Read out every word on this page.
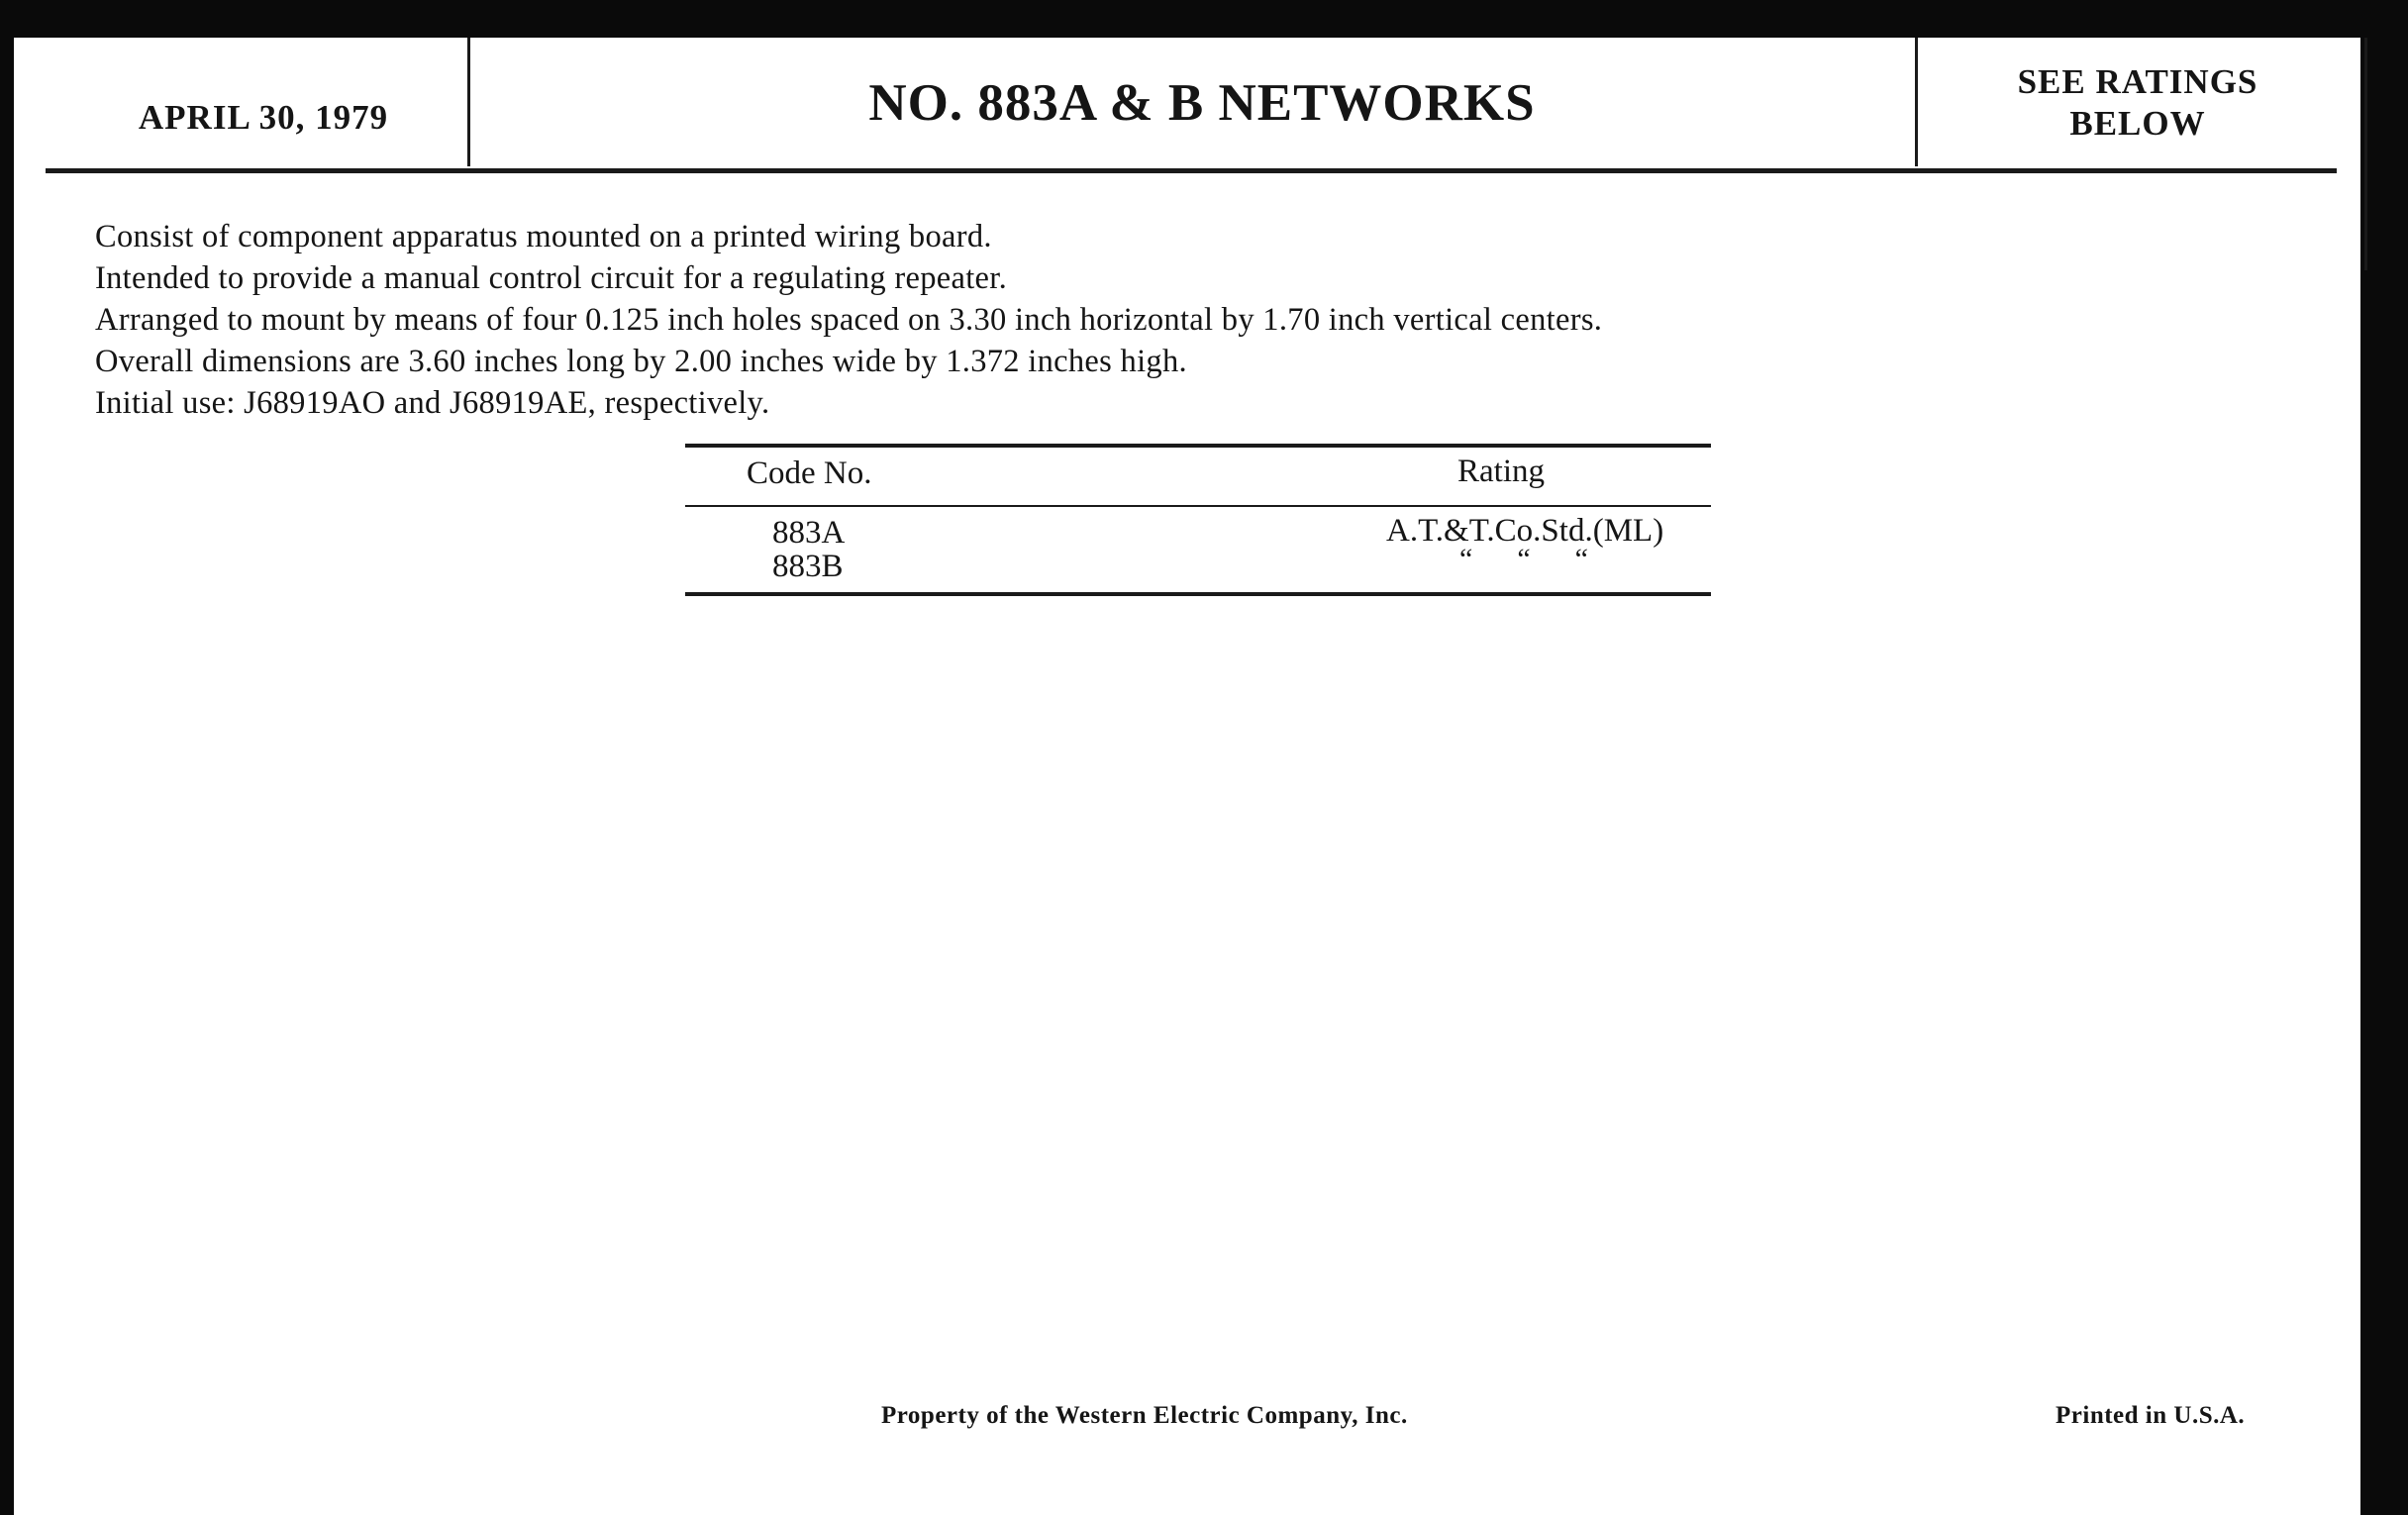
APRIL 30, 1979	NO. 883A & B NETWORKS	SEE RATINGS
BELOW
Consist of component apparatus mounted on a printed wiring board.
Intended to provide a manual control circuit for a regulating repeater.
Arranged to mount by means of four 0.125 inch holes spaced on 3.30 inch horizontal by 1.70 inch vertical centers.
Overall dimensions are 3.60 inches long by 2.00 inches wide by 1.372 inches high.
Initial use: J68919AO and J68919AE, respectively.
Code No.	Rating
883A	A.T.&T.Co.Std.(ML)
883B	“      “      “
Property of the Western Electric Company, Inc.	Printed in U.S.A.
